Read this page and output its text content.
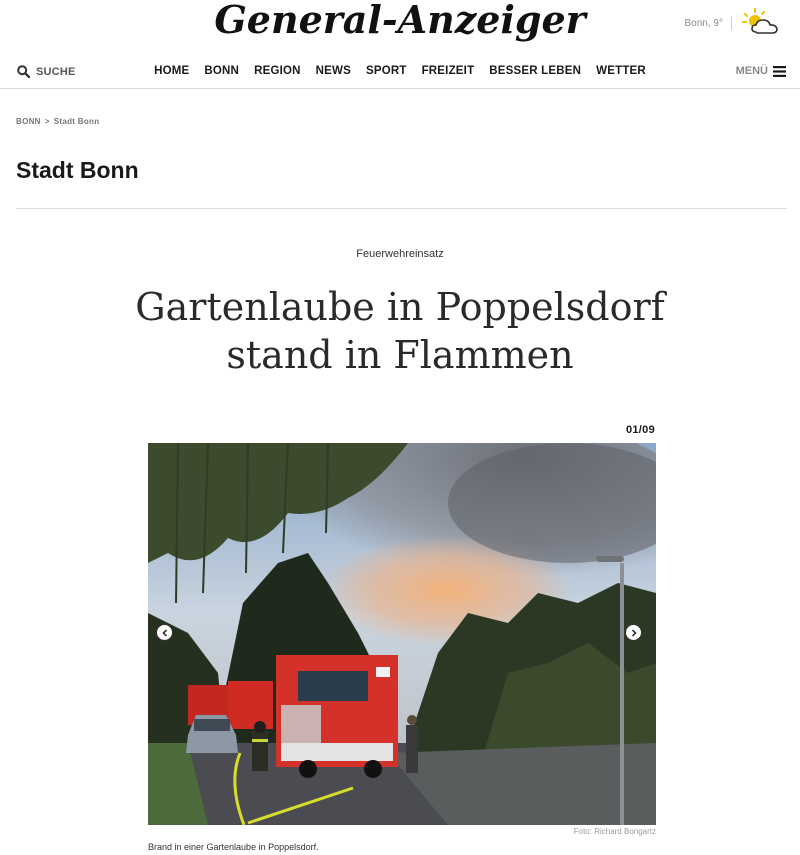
General-Anzeiger	Bonn, 9°
SUCHE	HOME BONN REGION NEWS SPORT FREIZEIT BESSER LEBEN WETTER	MENÜ
BONN > Stadt Bonn
Stadt Bonn
Feuerwehreinsatz
Gartenlaube in Poppelsdorf
stand in Flammen
01/09
Foto: Richard Bongartz
Brand in einer Gartenlaube in Poppelsdorf.
